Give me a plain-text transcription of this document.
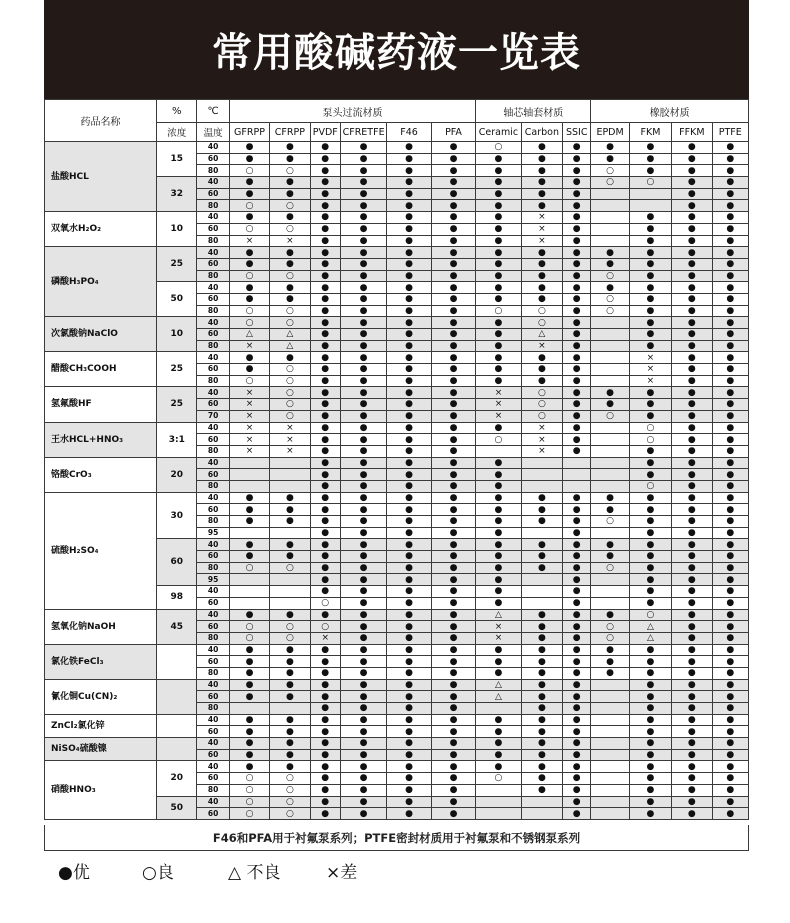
常用酸碱药液一览表
药品名称	%	℃	泵头过流材质						轴芯轴套材质			橡胶材质			
	浓度	温度	GFRPP	CFRPP	PVDF	CFRETFE	F46	PFA	Ceramic	Carbon	SSIC	EPDM	FKM	FFKM	PTFE
盐酸HCL	15	40	●	●	●	●	●	●	○	●	●	●	●	●	●
		60	●	●	●	●	●	●	●	●	●	●	●	●	●
		80	○	○	●	●	●	●	●	●	●	○	●	●	●
	32	40	●	●	●	●	●	●	●	●	●	○	○	●	●
		60	●	●	●	●	●	●	●	●	●			●	●
		80	○	○	●	●	●	●	●	●	●			●	●
双氧水H₂O₂	10	40	●	●	●	●	●	●	●	×	●		●	●	●
		60	○	○	●	●	●	●	●	×	●		●	●	●
		80	×	×	●	●	●	●	●	×	●		●	●	●
磷酸H₃PO₄	25	40	●	●	●	●	●	●	●	●	●	●	●	●	●
		60	●	●	●	●	●	●	●	●	●	●	●	●	●
		80	○	○	●	●	●	●	●	●	●	○	●	●	●
	50	40	●	●	●	●	●	●	●	●	●	●	●	●	●
		60	●	●	●	●	●	●	●	●	●	○	●	●	●
		80	○	○	●	●	●	●	○	○	●	○	●	●	●
次氯酸钠NaClO	10	40	○	○	●	●	●	●	●	○	●		●	●	●
		60	△	△	●	●	●	●	●	△	●		●	●	●
		80	×	△	●	●	●	●	●	×	●		●	●	●
醋酸CH₃COOH	25	40	●	●	●	●	●	●	●	●	●		×	●	●
		60	●	○	●	●	●	●	●	●	●		×	●	●
		80	○	○	●	●	●	●	●	●	●		×	●	●
氢氟酸HF	25	40	×	○	●	●	●	●	×	○	●	●	●	●	●
		60	×	○	●	●	●	●	×	○	●	●	●	●	●
		70	×	○	●	●	●	●	×	○	●	○	●	●	●
王水HCL+HNO₃	3:1	40	×	×	●	●	●	●	●	×	●		○	●	●
		60	×	×	●	●	●	●	○	×	●		○	●	●
		80	×	×	●	●	●	●		×	●		●	●	●
铬酸CrO₃	20	40			●	●	●	●	●				●	●	●
		60			●	●	●	●	●				●	●	●
		80			●	●	●	●	●				○	●	●
硫酸H₂SO₄	30	40	●	●	●	●	●	●	●	●	●	●	●	●	●
		60	●	●	●	●	●	●	●	●	●	●	●	●	●
		80	●	●	●	●	●	●	●	●	●	○	●	●	●
		95			●	●	●	●	●		●		●	●	●
	60	40	●	●	●	●	●	●	●	●	●	●	●	●	●
		60	●	●	●	●	●	●	●	●	●	●	●	●	●
		80	○	○	●	●	●	●	●	●	●	○	●	●	●
		95			●	●	●	●	●		●		●	●	●
	98	40			●	●	●	●	●		●		●	●	●
		60			○	●	●	●	●		●		●	●	●
氢氧化钠NaOH	45	40	●	●	●	●	●	●	△	●	●	●	○	●	●
		60	○	○	○	●	●	●	×	●	●	○	△	●	●
		80	○	○	×	●	●	●	×	●	●	○	△	●	●
氯化铁FeCl₃		40	●	●	●	●	●	●	●	●	●	●	●	●	●
		60	●	●	●	●	●	●	●	●	●	●	●	●	●
		80	●	●	●	●	●	●	●	●	●	●	●	●	●
氰化铜Cu(CN)₂		40	●	●	●	●	●	●	△	●	●		●	●	●
		60	●	●	●	●	●	●	△	●	●		●	●	●
		80			●	●	●	●		●	●		●	●	●
ZnCl₂氯化锌		40	●	●	●	●	●	●	●	●	●		●	●	●
		60	●	●	●	●	●	●	●	●	●		●	●	●
NiSO₄硫酸镍		40	●	●	●	●	●	●	●	●	●		●	●	●
		60	●	●	●	●	●	●	●	●	●		●	●	●
硝酸HNO₃	20	40	●	●	●	●	●	●	●	●	●		●	●	●
		60	○	○	●	●	●	●	○	●	●		●	●	●
		80	○	○	●	●	●	●		●	●		●	●	●
	50	40	○	○	●	●	●	●			●		●	●	●
		60	○	○	●	●	●	●			●		●	●	●
F46和PFA用于衬氟泵系列；PTFE密封材质用于衬氟泵和不锈钢泵系列
●优	○良	△ 不良	×差
